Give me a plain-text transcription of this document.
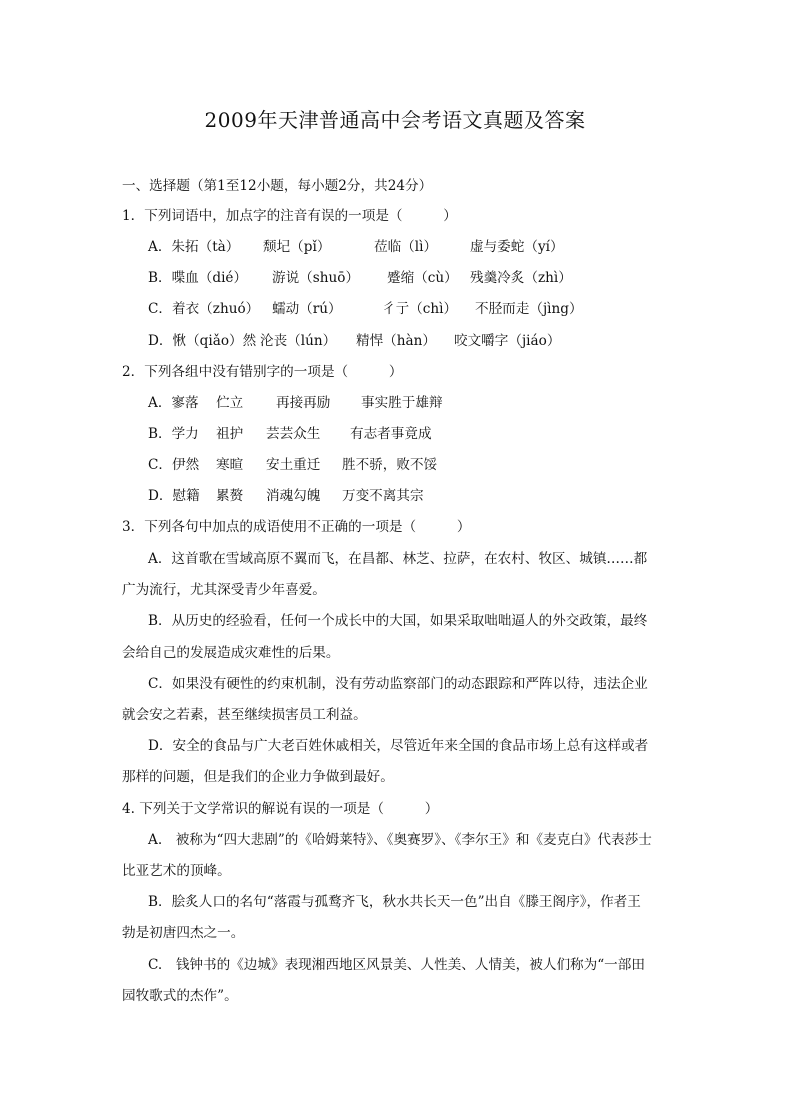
2009年天津普通高中会考语文真题及答案
一、选择题（第1至12小题，每小题2分，共24分）
1．下列词语中，加点字的注音有误的一项是（　　　）
A．朱拓（tà） 颓圮（pǐ）	莅临（lì） 虚与委蛇（yí）
B．喋血（dié） 游说（shuō） 蹙缩（cù） 残羹冷炙（zhì）
C．着衣（zhuó） 蠕动（rú）	彳亍（chì） 不胫而走（jìng）
D．愀（qiǎo）然 沦丧（lún） 精悍（hàn） 咬文嚼字（jiáo）
2．下列各组中没有错别字的一项是（　　　）
A．寥落 伫立 再接再励 事实胜于雄辩
B．学力 祖护 芸芸众生 有志者事竟成
C．伊然 寒暄 安土重迁 胜不骄，败不馁
D．慰籍 累赘 消魂勾魄 万变不离其宗
3．下列各句中加点的成语使用不正确的一项是（　　　）
A．这首歌在雪域高原不翼而飞，在昌都、林芝、拉萨，在农村、牧区、城镇……都
广为流行，尤其深受青少年喜爱。
B．从历史的经验看，任何一个成长中的大国，如果采取咄咄逼人的外交政策，最终
会给自己的发展造成灾难性的后果。
C．如果没有硬性的约束机制，没有劳动监察部门的动态跟踪和严阵以待，违法企业
就会安之若素，甚至继续损害员工利益。
D．安全的食品与广大老百姓休戚相关，尽管近年来全国的食品市场上总有这样或者
那样的问题，但是我们的企业力争做到最好。
4. 下列关于文学常识的解说有误的一项是（　　　）
A.　被称为“四大悲剧”的《哈姆莱特》、《奥赛罗》、《李尔王》和《麦克白》代表莎士
比亚艺术的顶峰。
B．脍炙人口的名句“落霞与孤鹜齐飞，秋水共长天一色”出自《滕王阁序》，作者王
勃是初唐四杰之一。
C.　钱钟书的《边城》表现湘西地区风景美、人性美、人情美，被人们称为“一部田
园牧歌式的杰作”。
